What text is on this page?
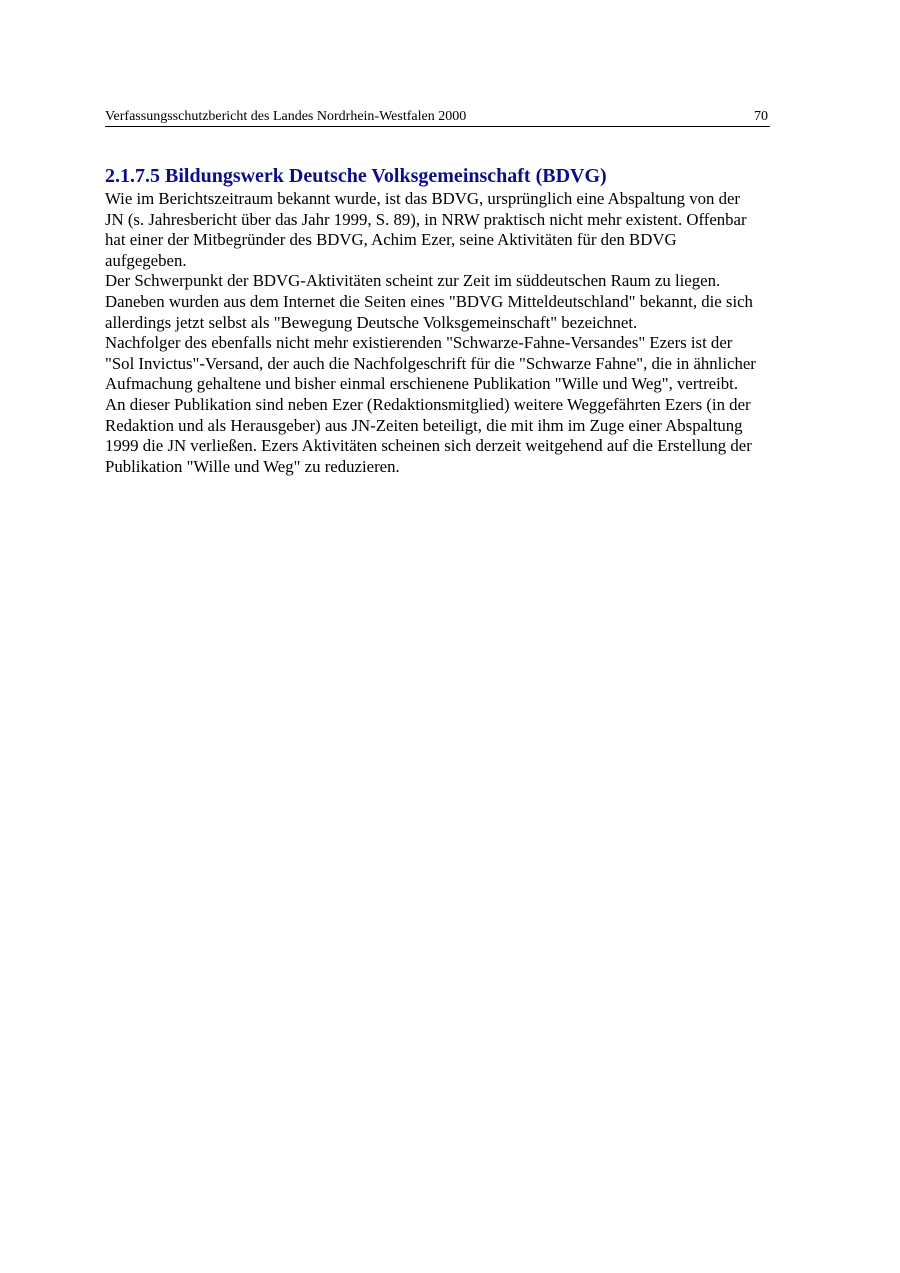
Verfassungsschutzbericht des Landes Nordrhein-Westfalen 2000	70
2.1.7.5 Bildungswerk Deutsche Volksgemeinschaft (BDVG)
Wie im Berichtszeitraum bekannt wurde, ist das BDVG, ursprünglich eine Abspaltung von der
JN (s. Jahresbericht über das Jahr 1999, S. 89), in NRW praktisch nicht mehr existent. Offenbar
hat einer der Mitbegründer des BDVG, Achim Ezer, seine Aktivitäten für den BDVG
aufgegeben.
Der Schwerpunkt der BDVG-Aktivitäten scheint zur Zeit im süddeutschen Raum zu liegen.
Daneben wurden aus dem Internet die Seiten eines "BDVG Mitteldeutschland" bekannt, die sich
allerdings jetzt selbst als "Bewegung Deutsche Volksgemeinschaft" bezeichnet.
Nachfolger des ebenfalls nicht mehr existierenden "Schwarze-Fahne-Versandes" Ezers ist der
"Sol Invictus"-Versand, der auch die Nachfolgeschrift für die "Schwarze Fahne", die in ähnlicher
Aufmachung gehaltene und bisher einmal erschienene Publikation "Wille und Weg", vertreibt.
An dieser Publikation sind neben Ezer (Redaktionsmitglied) weitere Weggefährten Ezers (in der
Redaktion und als Herausgeber) aus JN-Zeiten beteiligt, die mit ihm im Zuge einer Abspaltung
1999 die JN verließen. Ezers Aktivitäten scheinen sich derzeit weitgehend auf die Erstellung der
Publikation "Wille und Weg" zu reduzieren.
